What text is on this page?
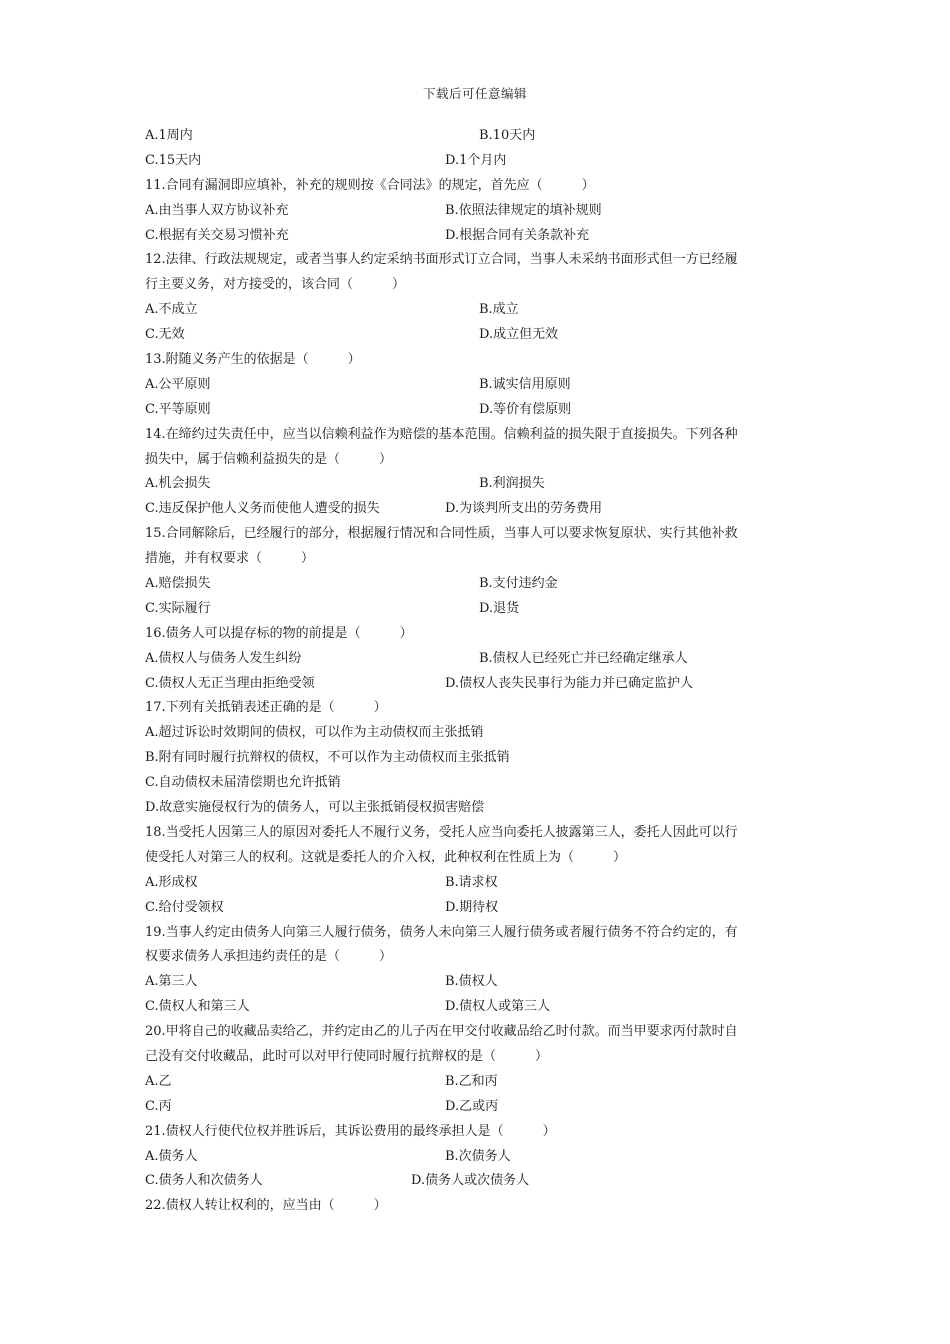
下载后可任意编辑
A.1周内	B.10天内
C.15天内	D.1个月内
11.合同有漏洞即应填补，补充的规则按《合同法》的规定，首先应（　　　）
A.由当事人双方协议补充	B.依照法律规定的填补规则
C.根据有关交易习惯补充	D.根据合同有关条款补充
12.法律、行政法规规定，或者当事人约定采纳书面形式订立合同，当事人未采纳书面形式但一方已经履
行主要义务，对方接受的，该合同（　　　）
A.不成立	B.成立
C.无效	D.成立但无效
13.附随义务产生的依据是（　　　）
A.公平原则	B.诚实信用原则
C.平等原则	D.等价有偿原则
14.在缔约过失责任中，应当以信赖利益作为赔偿的基本范围。信赖利益的损失限于直接损失。下列各种
损失中，属于信赖利益损失的是（　　　）
A.机会损失	B.利润损失
C.违反保护他人义务而使他人遭受的损失	D.为谈判所支出的劳务费用
15.合同解除后，已经履行的部分，根据履行情况和合同性质，当事人可以要求恢复原状、实行其他补救
措施，并有权要求（　　　）
A.赔偿损失	B.支付违约金
C.实际履行	D.退货
16.债务人可以提存标的物的前提是（　　　）
A.债权人与债务人发生纠纷	B.债权人已经死亡并已经确定继承人
C.债权人无正当理由拒绝受领	D.债权人丧失民事行为能力并已确定监护人
17.下列有关抵销表述正确的是（　　　）
A.超过诉讼时效期间的债权，可以作为主动债权而主张抵销
B.附有同时履行抗辩权的债权，不可以作为主动债权而主张抵销
C.自动债权未届清偿期也允许抵销
D.故意实施侵权行为的债务人，可以主张抵销侵权损害赔偿
18.当受托人因第三人的原因对委托人不履行义务，受托人应当向委托人披露第三人，委托人因此可以行
使受托人对第三人的权利。这就是委托人的介入权，此种权利在性质上为（　　　）
A.形成权	B.请求权
C.给付受领权	D.期待权
19.当事人约定由债务人向第三人履行债务，债务人未向第三人履行债务或者履行债务不符合约定的，有
权要求债务人承担违约责任的是（　　　）
A.第三人	B.债权人
C.债权人和第三人	D.债权人或第三人
20.甲将自己的收藏品卖给乙，并约定由乙的儿子丙在甲交付收藏品给乙时付款。而当甲要求丙付款时自
己没有交付收藏品，此时可以对甲行使同时履行抗辩权的是（　　　）
A.乙	B.乙和丙
C.丙	D.乙或丙
21.债权人行使代位权并胜诉后，其诉讼费用的最终承担人是（　　　）
A.债务人	B.次债务人
C.债务人和次债务人	D.债务人或次债务人
22.债权人转让权利的，应当由（　　　）
